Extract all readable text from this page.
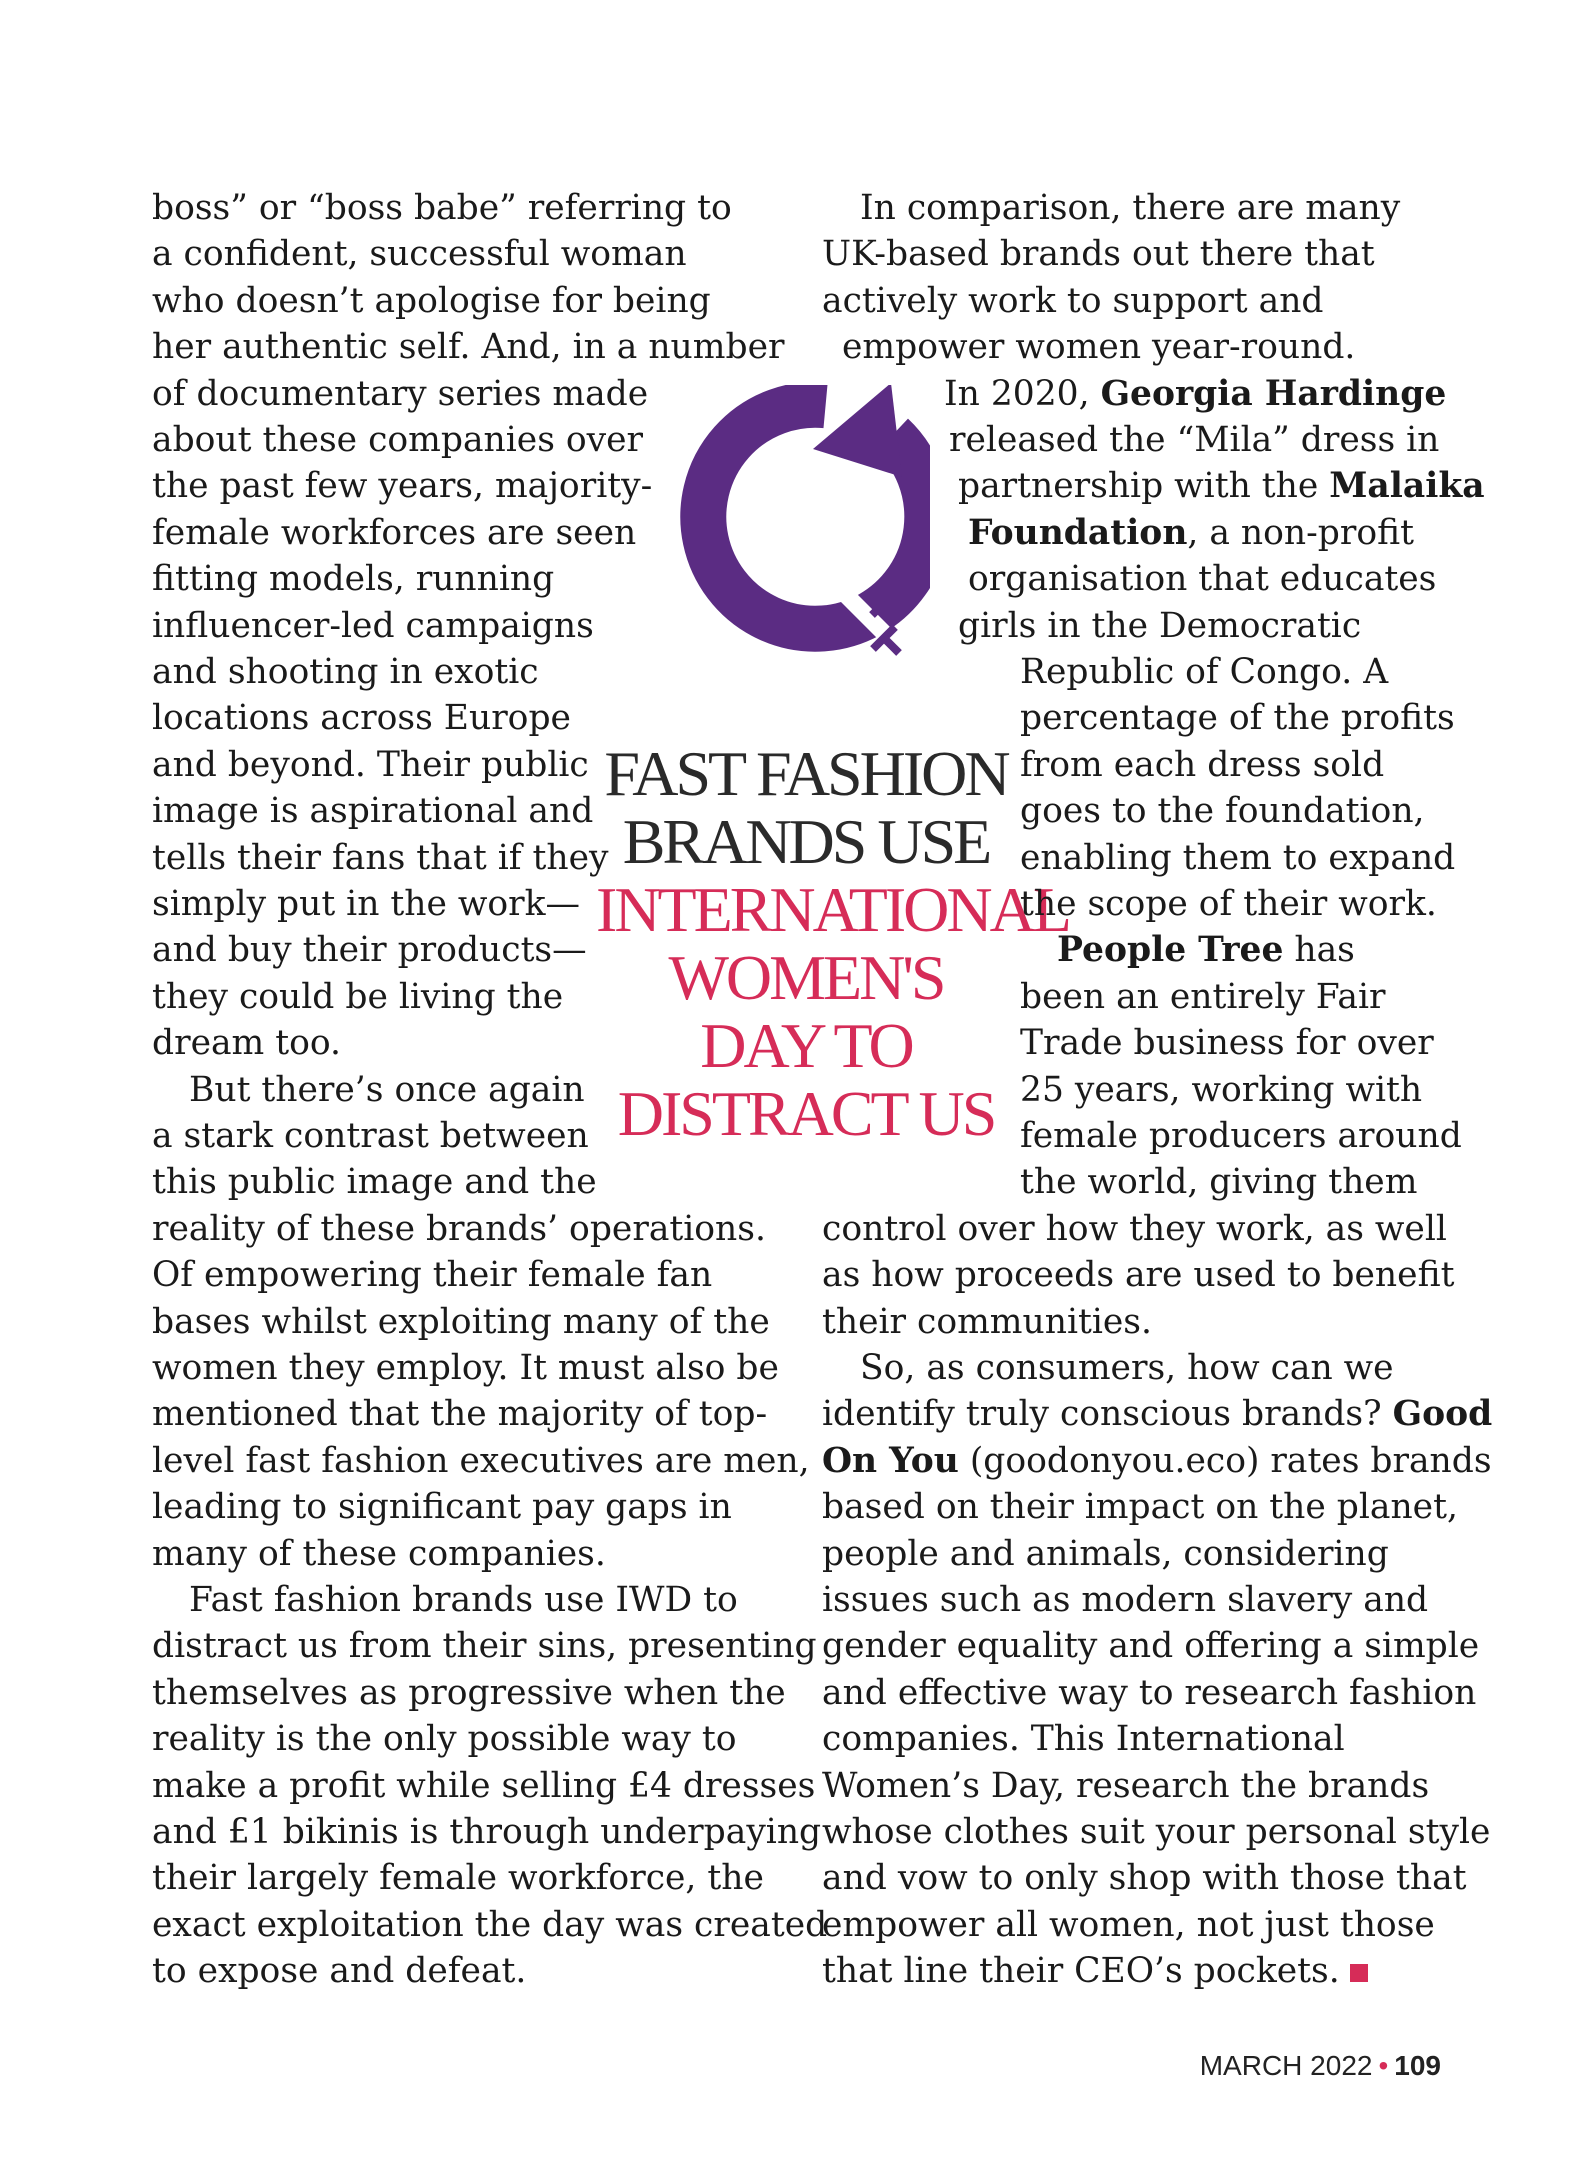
boss” or “boss babe” referring to
a confident, successful woman
who doesn’t apologise for being
her authentic self. And, in a number
of documentary series made
about these companies over
the past few years, majority-
female workforces are seen
fitting models, running
influencer-led campaigns
and shooting in exotic
locations across Europe
and beyond. Their public
image is aspirational and
tells their fans that if they
simply put in the work—
and buy their products—
they could be living the
dream too.
But there’s once again
a stark contrast between
this public image and the
reality of these brands’ operations.
Of empowering their female fan
bases whilst exploiting many of the
women they employ. It must also be
mentioned that the majority of top-
level fast fashion executives are men,
leading to significant pay gaps in
many of these companies.
Fast fashion brands use IWD to
distract us from their sins, presenting
themselves as progressive when the
reality is the only possible way to
make a profit while selling £4 dresses
and £1 bikinis is through underpaying
their largely female workforce, the
exact exploitation the day was created
to expose and defeat.
FAST FASHION
BRANDS USE
INTERNATIONAL
WOMEN'S
DAY TO
DISTRACT US
In comparison, there are many
UK-based brands out there that
actively work to support and
empower women year-round.
In 2020, Georgia Hardinge
released the “Mila” dress in
partnership with the Malaika
Foundation, a non-profit
organisation that educates
girls in the Democratic
Republic of Congo. A
percentage of the profits
from each dress sold
goes to the foundation,
enabling them to expand
the scope of their work.
People Tree has
been an entirely Fair
Trade business for over
25 years, working with
female producers around
the world, giving them
control over how they work, as well
as how proceeds are used to benefit
their communities.
So, as consumers, how can we
identify truly conscious brands? Good
On You (goodonyou.eco) rates brands
based on their impact on the planet,
people and animals, considering
issues such as modern slavery and
gender equality and offering a simple
and effective way to research fashion
companies. This International
Women’s Day, research the brands
whose clothes suit your personal style
and vow to only shop with those that
empower all women, not just those
that line their CEO’s pockets.
MARCH 2022 • 109
